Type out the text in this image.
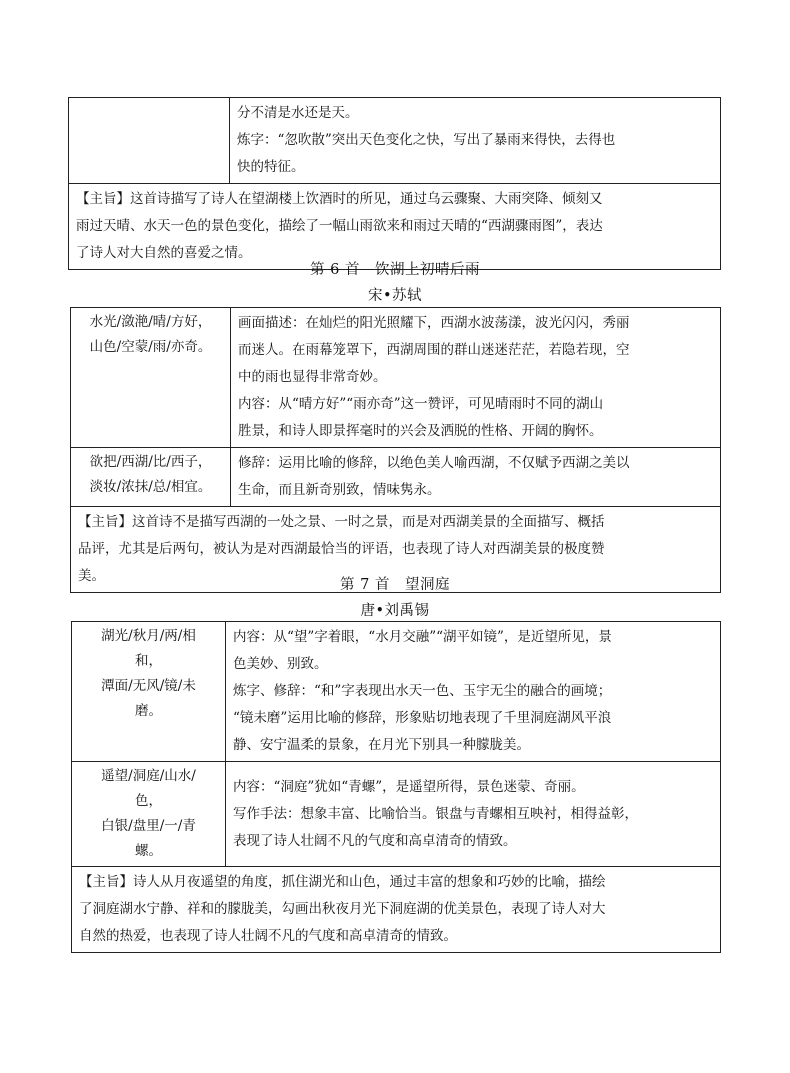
分不清是水还是天。
炼字：“忽吹散”突出天色变化之快，写出了暴雨来得快，去得也
快的特征。

【主旨】这首诗描写了诗人在望湖楼上饮酒时的所见，通过乌云骤聚、大雨突降、倾刻又
雨过天晴、水天一色的景色变化，描绘了一幅山雨欲来和雨过天晴的“西湖骤雨图”，表达
了诗人对大自然的喜爱之情。
第 6 首　饮湖上初晴后雨
宋•苏轼
水光/潋滟/晴/方好，
山色/空蒙/雨/亦奇。	画面描述：在灿烂的阳光照耀下，西湖水波荡漾，波光闪闪，秀丽
而迷人。在雨幕笼罩下，西湖周围的群山迷迷茫茫，若隐若现，空
中的雨也显得非常奇妙。
内容：从“晴方好”“雨亦奇”这一赞评，可见晴雨时不同的湖山
胜景，和诗人即景挥毫时的兴会及洒脱的性格、开阔的胸怀。

欲把/西湖/比/西子，
淡妆/浓抹/总/相宜。	修辞：运用比喻的修辞，以绝色美人喻西湖，不仅赋予西湖之美以
生命，而且新奇别致，情味隽永。

【主旨】这首诗不是描写西湖的一处之景、一时之景，而是对西湖美景的全面描写、概括
品评，尤其是后两句，被认为是对西湖最恰当的评语，也表现了诗人对西湖美景的极度赞
美。	
第 7 首　望洞庭
唐•刘禹锡
湖光/秋月/两/相
和，
潭面/无风/镜/未
磨。	内容：从“望”字着眼，“水月交融”“湖平如镜”，是近望所见，景
色美妙、别致。
炼字、修辞：“和”字表现出水天一色、玉宇无尘的融合的画境；
“镜未磨”运用比喻的修辞，形象贴切地表现了千里洞庭湖风平浪
静、安宁温柔的景象，在月光下别具一种朦胧美。

遥望/洞庭/山水/
色，
白银/盘里/一/青
螺。	内容：“洞庭”犹如“青螺”，是遥望所得，景色迷蒙、奇丽。
写作手法：想象丰富、比喻恰当。银盘与青螺相互映衬，相得益彰，
表现了诗人壮阔不凡的气度和高卓清奇的情致。

【主旨】诗人从月夜遥望的角度，抓住湖光和山色，通过丰富的想象和巧妙的比喻，描绘
了洞庭湖水宁静、祥和的朦胧美，勾画出秋夜月光下洞庭湖的优美景色，表现了诗人对大
自然的热爱，也表现了诗人壮阔不凡的气度和高卓清奇的情致。	
